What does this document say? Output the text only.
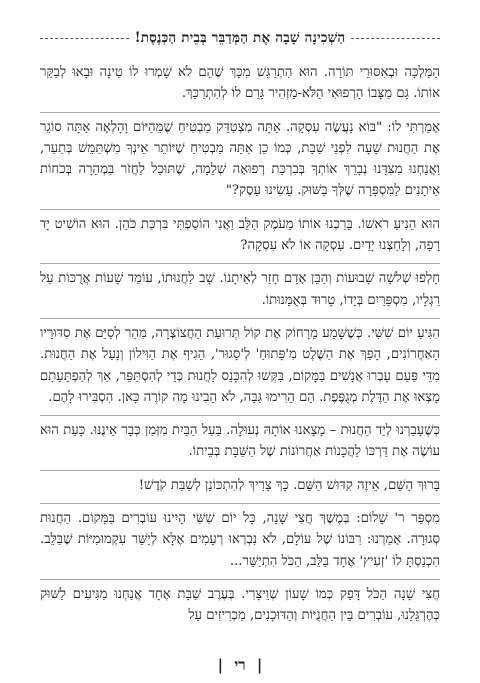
הַשְׁכִינָה שָׁבָה אֶת הַמְּדַבֵּר בְּבֵית הַכְּנֶסֶת!

הַמַּלְכָּה וּבְאִסּוּרֵי תּוֹרָה. הוּא הִתְרַגֵּשׁ מִכָּךְ שֶׁהֵם לֹא שָׁמְרוּ לוֹ טִינָה וּבָאוּ לְבַקֵּר אוֹתוֹ. גַּם מַצָּבוֹ הָרְפוּאִי הַלֹּא-מַזְהִיר גָּרַם לוֹ לְהִתְרַכֵּךְ.

אָמַרְתִּי לוֹ: "בּוֹא נַעֲשֶׂה עִסְקָה. אַתָּה מִצְטַדֵּק מַבְטִיחַ שֶׁמֵּהַיּוֹם וָהָלְאָה אַתָּה סוֹגֵר אֶת הַחֲנוּת שָׁעָה לִפְנֵי שַׁבָּת, כְּמוֹ כֵן אַתָּה מַבְטִיחַ שֶׁיּוֹתֵר אֵינְךָ מִשְׁתַּמֵּשׁ בְּתַעַר, וַאֲנַחְנוּ מִצִּדֵּנוּ נְבָרֵךְ אוֹתְךָ בְּבִרְכַּת רְפוּאָה שְׁלֵמָה, שֶׁתּוּכַל לַחֲזֹר בִּמְהֵרָה בְּכֹחוֹת אֵיתָנִים לַמִּסְפָּרָה שֶׁלְּךָ בַּשּׁוּק. עָשִׂינוּ עֵסֶק?"

הוּא הֵנִיעַ רֹאשׁוֹ. בֵּרַכְנוּ אוֹתוֹ מֵעֹמֶק הַלֵּב וַאֲנִי הוֹסַפְתִּי בִּרְכַּת כֹּהֵן. הוּא הוֹשִׁיט יָד רָפָה, וְלָחַצְנוּ יָדַיִם. עִסְקָה אוֹ לֹא עִסְקָה?

חָלְפוּ שְׁלֹשָׁה שָׁבוּעוֹת וְהַבֵּן אָדָם חָזַר לְאֵיתָנוֹ. שָׁב לַחֲנוּתוֹ, עוֹמֵד שָׁעוֹת אֲרֻכּוֹת עַל רַגְלָיו, מִסְפָּרַיִם בְּיָדוֹ, טָרוּד בְּאֻמָּנוּתוֹ.

הִגִּיעַ יוֹם שִׁשִּׁי. כְּשֶׁשָּׁמַע מֵרָחוֹק אֶת קוֹל תְּרוּעַת הַחֲצוֹצְרָה, מִהֵר לְסַיֵּם אֶת סִדּוּרָיו הָאַחֲרוֹנִים, הָפַךְ אֶת הַשֶּׁלֶט מִ'פָּתוּחַ' לְ'סָגוּר', הֵגִיף אֶת הַוִּילוֹן וְנָעַל אֶת הַחֲנוּת. מִדֵּי פַּעַם עָבְרוּ אֲנָשִׁים בַּמָּקוֹם, בִּקְּשׁוּ לְהִכָּנֵס לַחֲנוּת כְּדֵי לְהִסְתַּפֵּר, אַךְ לְהַפְתָּעָתָם מָצְאוּ אֶת הַדֶּלֶת מְגֻפֶּפֶת. הֵם הֵרִימוּ גַּבָּה, לֹא הֵבִינוּ מָה קוֹרֶה כָּאן. הִסְבִּירוּ לָהֶם.

כְּשֶׁעָבַרְנוּ לְיַד הַחֲנוּת – מָצָאנוּ אוֹתָהּ נְעוּלָה. בַּעַל הַבַּיִת מִזְּמַן כְּבָר אֵינֶנּוּ. כָּעֵת הוּא עוֹשֶׂה אֶת דַּרְכּוֹ לַהֲכָנוֹת אַחֲרוֹנוֹת שֶׁל הַשַּׁבָּת בְּבֵיתוֹ.

בָּרוּךְ הַשֵּׁם, אֵיזֶה קִדּוּשׁ הַשֵּׁם. כָּךְ צָרִיךְ לְהִתְכּוֹנֵן לְשַׁבַּת קֹדֶשׁ!

מִסְפֵּר ר' שָׁלוֹם: בְּמֶשֶׁךְ חֲצִי שָׁנָה, כָּל יוֹם שִׁשִּׁי הָיִינוּ עוֹבְרִים בַּמָּקוֹם. הַחֲנוּת סְגוּרָה. אָמַרְנוּ: רִבּוֹנוֹ שֶׁל עוֹלָם, לֹא נִבְרְאוּ רְעָמִים אֶלָּא לְיַשֵּׁר עִקְמוּמִיּוֹת שֶׁבַּלֵּב. הִכְנַסְתָּ לוֹ 'זְעִיץ' אֶחָד בַּלֵּב, הַכֹּל הִתְיַשֵּׁר...

חֲצִי שָׁנָה הַכֹּל דָּפַק כְּמוֹ שָׁעוֹן שְׁוֵיצָרִי. בְּעֶרֶב שַׁבָּת אֶחָד אֲנַחְנוּ מַגִּיעִים לַשּׁוּק כְּהֶרְגֵּלֵנוּ, עוֹבְרִים בֵּין הַחֲנֻיּוֹת וְהַדּוּכָנִים, מַכְרִיזִים עַל

| רי |
